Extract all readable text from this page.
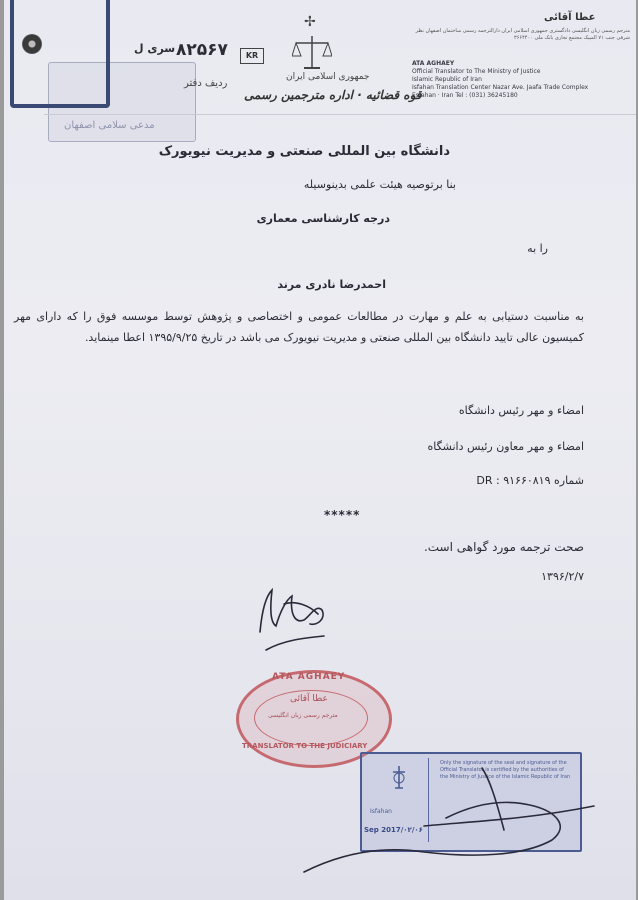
مدعی سلامی اصفهان
سری ل ۸۲۵۶۷	KR
ردیف دفتر
✢
جمهوری اسلامی ایران
قوه قضائیه · اداره مترجمین رسمی
عطا آقائی
مترجم رسمی زبان انگلیسی دادگستری جمهوری اسلامی ایران دارالترجمه رسمی ساختمان اصفهان نظر شرقی جنب ۷۱ المپیک مجتمع تجاری بانک ملی ۳۶۶۴۴۰۰
ATA AGHAEY
Official Translator to The Ministry of Justice
Islamic Republic of Iran
Isfahan Translation Center Nazar Ave. Jaafa Trade Complex
Esfahan · Iran Tel : (031) 36245180
دانشگاه بین المللی صنعتی و مدیریت نیویورک
بنا برتوصیه هیئت علمی بدینوسیله
درجه کارشناسی معماری
را به
احمدرضا نادری مرند
به مناسبت دستیابی به علم و مهارت در مطالعات عمومی و اختصاصی و پژوهش توسط موسسه فوق را که دارای مهر کمیسیون عالی تایید دانشگاه بین المللی صنعتی و مدیریت نیویورک می باشد در تاریخ ۱۳۹۵/۹/۲۵ اعطا مینماید.
امضاء و مهر رئیس دانشگاه
امضاء و مهر معاون رئیس دانشگاه
شماره ۹۱۶۶۰۸۱۹ : DR
*****
صحت ترجمه مورد گواهی است.
۱۳۹۶/۲/۷
ATA AGHAEY
عطا آقائی
مترجم رسمی زبان انگلیسی
TRANSLATOR TO THE JUDICIARY
Isfahan
Sep 2017/۰۲/۰۶
Only the signature of the seal and signature of the Official Translator is certified by the authorities of the Ministry of Justice of the Islamic Republic of Iran
